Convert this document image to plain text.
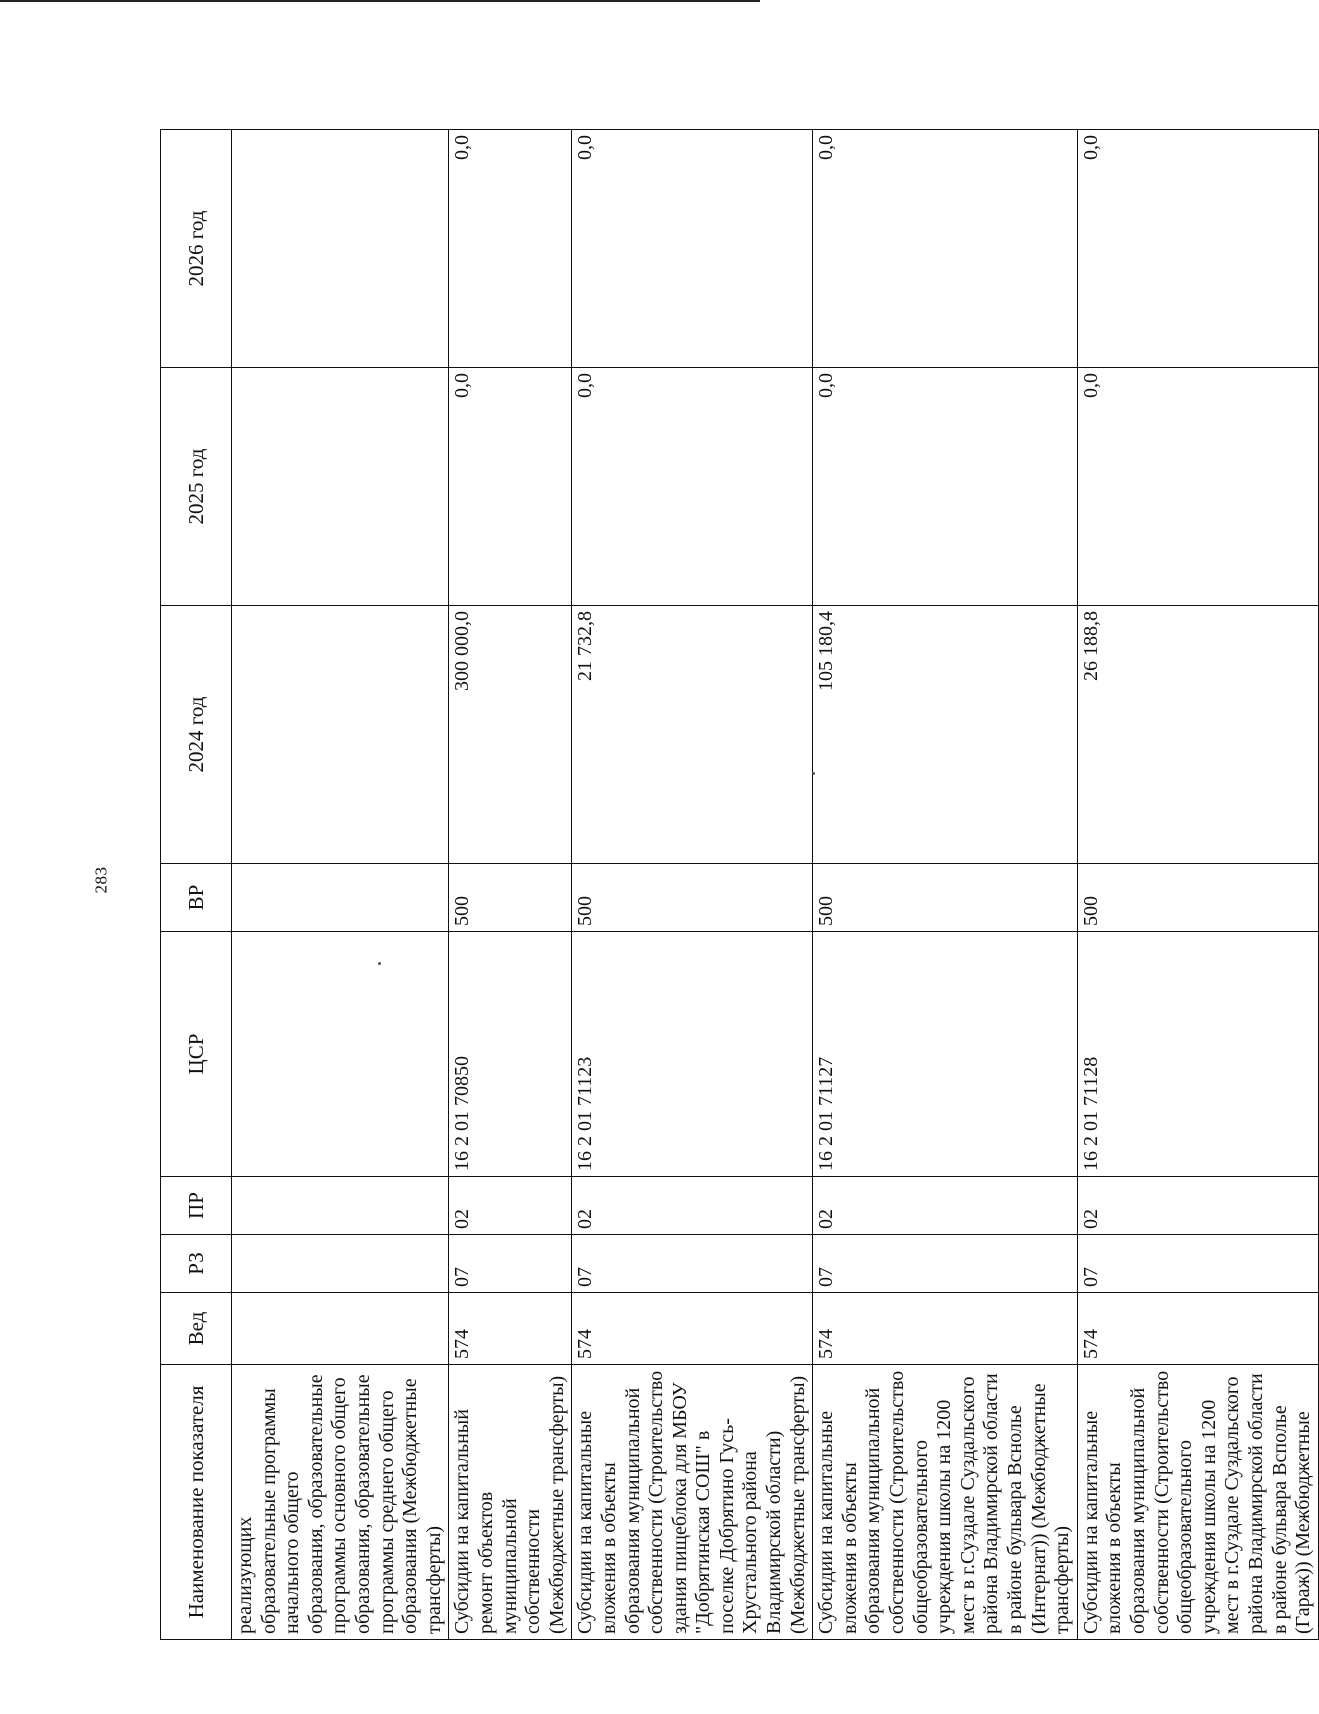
283
Наименование показателя	Вед	РЗ	ПР	ЦСР	ВР	2024 год	2025 год	2026 год
реализующих образовательные программы начального общего образования, образовательные программы основного общего образования, образовательные программы среднего общего образования (Межбюджетные трансферты)								
Субсидии на капитальный ремонт объектов муниципальной собственности (Межбюджетные трансферты)	574	07	02	16 2 01 70850	500	300 000,0	0,0	0,0
Субсидии на капитальные вложения в объекты образования муниципальной собственности (Строительство здания пищеблока для МБОУ "Добрятинская СОШ" в поселке Добрятино Гусь-Хрустального района Владимирской области) (Межбюджетные трансферты)	574	07	02	16 2 01 71123	500	21 732,8	0,0	0,0
Субсидии на капитальные вложения в объекты образования муниципальной собственности (Строительство общеобразовательного учреждения школы на 1200 мест в г.Суздале Суздальского района Владимирской области в районе бульвара Вснолье (Интернат)) (Межбюджетные трансферты)	574	07	02	16 2 01 71127	500	105 180,4	0,0	0,0
Субсидии на капитальные вложения в объекты образования муниципальной собственности (Строительство общеобразовательного учреждения школы на 1200 мест в г.Суздале Суздальского района Владимирской области в районе бульвара Всполье (Гараж)) (Межбюджетные	574	07	02	16 2 01 71128	500	26 188,8	0,0	0,0
